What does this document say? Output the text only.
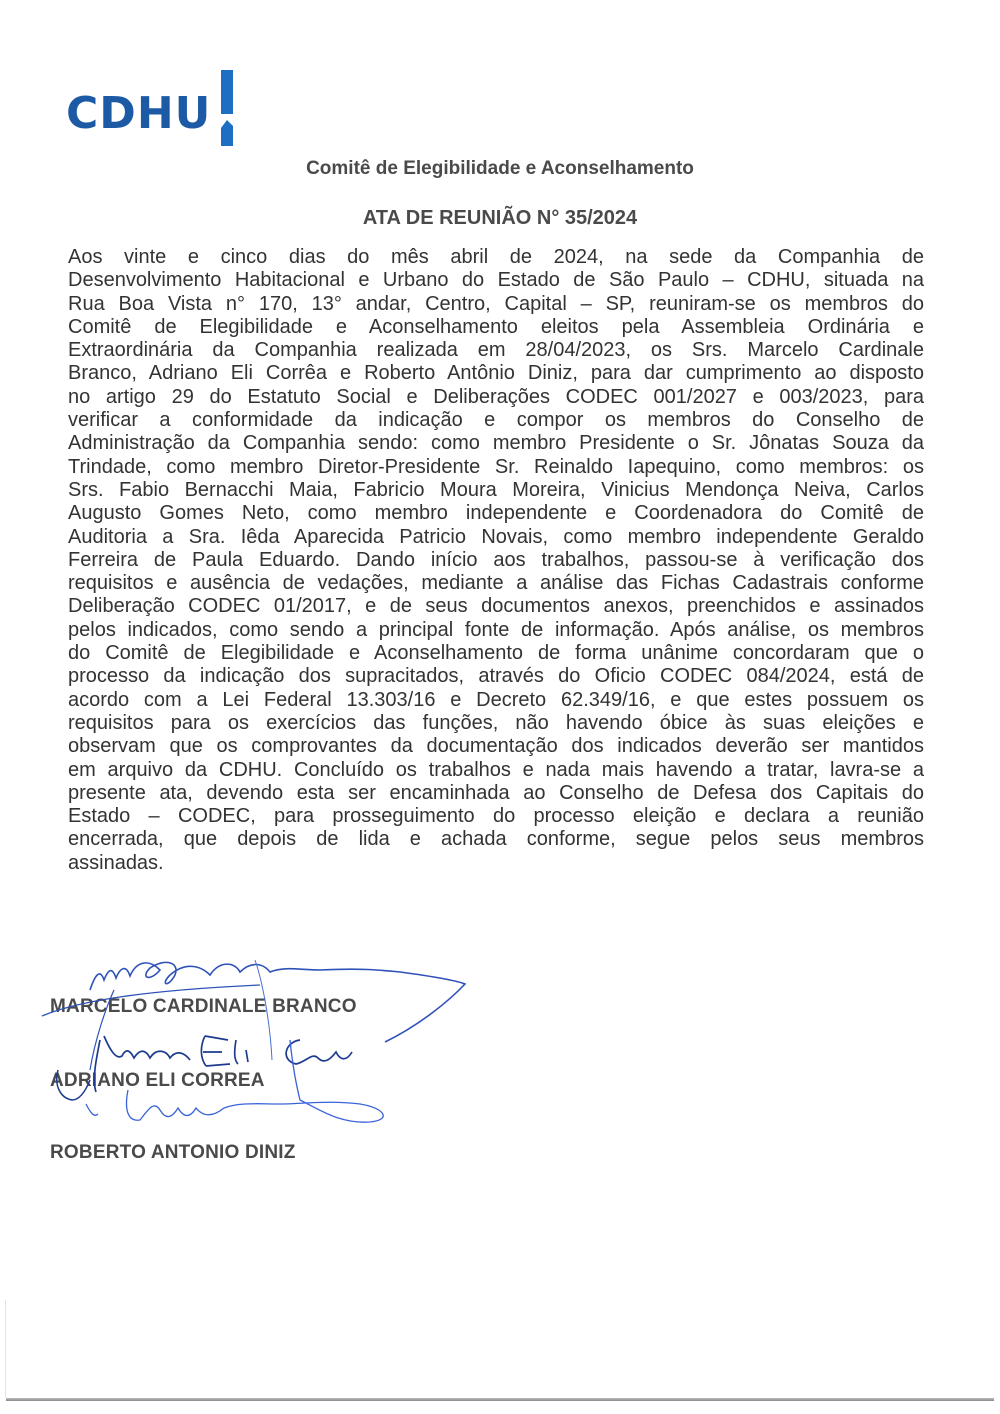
CDHU
Comitê de Elegibilidade e Aconselhamento
ATA DE REUNIÃO N° 35/2024
Aos vinte e cinco dias do mês abril de 2024, na sede da Companhia de
Desenvolvimento Habitacional e Urbano do Estado de São Paulo – CDHU, situada na
Rua Boa Vista n° 170, 13° andar, Centro, Capital – SP, reuniram-se os membros do
Comitê de Elegibilidade e Aconselhamento eleitos pela Assembleia Ordinária e
Extraordinária da Companhia realizada em 28/04/2023, os Srs. Marcelo Cardinale
Branco, Adriano Eli Corrêa e Roberto Antônio Diniz, para dar cumprimento ao disposto
no artigo 29 do Estatuto Social e Deliberações CODEC 001/2027 e 003/2023, para
verificar a conformidade da indicação e compor os membros do Conselho de
Administração da Companhia sendo: como membro Presidente o Sr. Jônatas Souza da
Trindade, como membro Diretor-Presidente Sr. Reinaldo Iapequino, como membros: os
Srs. Fabio Bernacchi Maia, Fabricio Moura Moreira, Vinicius Mendonça Neiva, Carlos
Augusto Gomes Neto, como membro independente e Coordenadora do Comitê de
Auditoria a Sra. Iêda Aparecida Patricio Novais, como membro independente Geraldo
Ferreira de Paula Eduardo. Dando início aos trabalhos, passou-se à verificação dos
requisitos e ausência de vedações, mediante a análise das Fichas Cadastrais conforme
Deliberação CODEC 01/2017, e de seus documentos anexos, preenchidos e assinados
pelos indicados, como sendo a principal fonte de informação. Após análise, os membros
do Comitê de Elegibilidade e Aconselhamento de forma unânime concordaram que o
processo da indicação dos supracitados, através do Oficio CODEC 084/2024, está de
acordo com a Lei Federal 13.303/16 e Decreto 62.349/16, e que estes possuem os
requisitos para os exercícios das funções, não havendo óbice às suas eleições e
observam que os comprovantes da documentação dos indicados deverão ser mantidos
em arquivo da CDHU. Concluído os trabalhos e nada mais havendo a tratar, lavra-se a
presente ata, devendo esta ser encaminhada ao Conselho de Defesa dos Capitais do
Estado – CODEC, para prosseguimento do processo eleição e declara a reunião
encerrada, que depois de lida e achada conforme, segue pelos seus membros
assinadas.
MARCELO CARDINALE BRANCO
ADRIANO ELI CORREA
ROBERTO ANTONIO DINIZ
